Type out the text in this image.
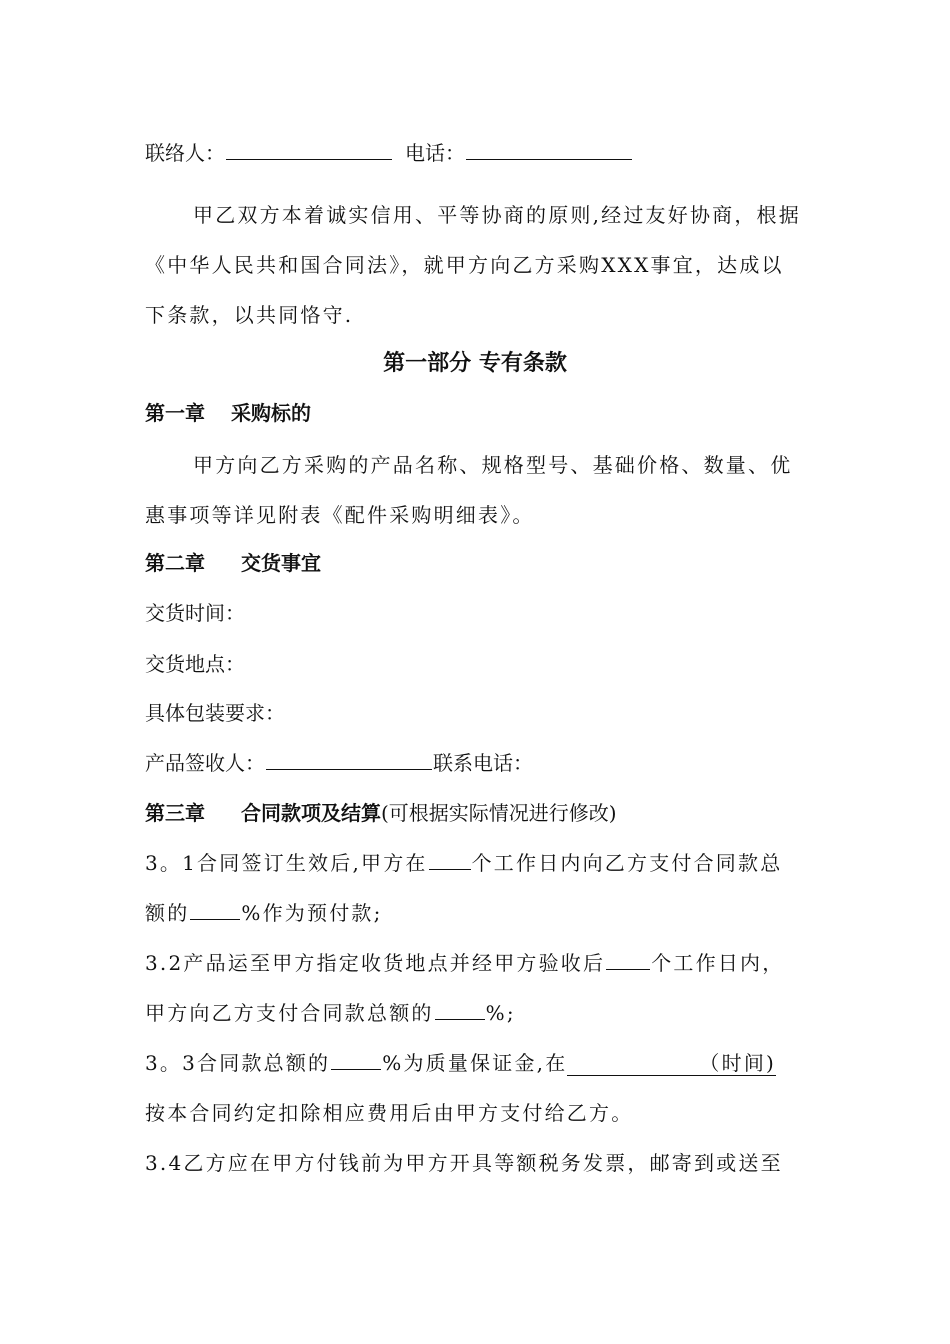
联络人：	电话：
甲乙双方本着诚实信用、平等协商的原则,经过友好协商，根据
《中华人民共和国合同法》，就甲方向乙方采购XXX事宜，达成以
下条款，以共同恪守.
第一部分 专有条款
第一章 采购标的
甲方向乙方采购的产品名称、规格型号、基础价格、数量、优
惠事项等详见附表《配件采购明细表》。
第二章 交货事宜
交货时间：
交货地点：
具体包装要求：
产品签收人：	联系电话：
第三章 合同款项及结算(可根据实际情况进行修改)
3。1合同签订生效后,甲方在 个工作日内向乙方支付合同款总
额的	%作为预付款;
3.2产品运至甲方指定收货地点并经甲方验收后 个工作日内，
甲方向乙方支付合同款总额的	%;
3。3合同款总额的	%为质量保证金,在	（时间)
按本合同约定扣除相应费用后由甲方支付给乙方。
3.4乙方应在甲方付钱前为甲方开具等额税务发票，邮寄到或送至
